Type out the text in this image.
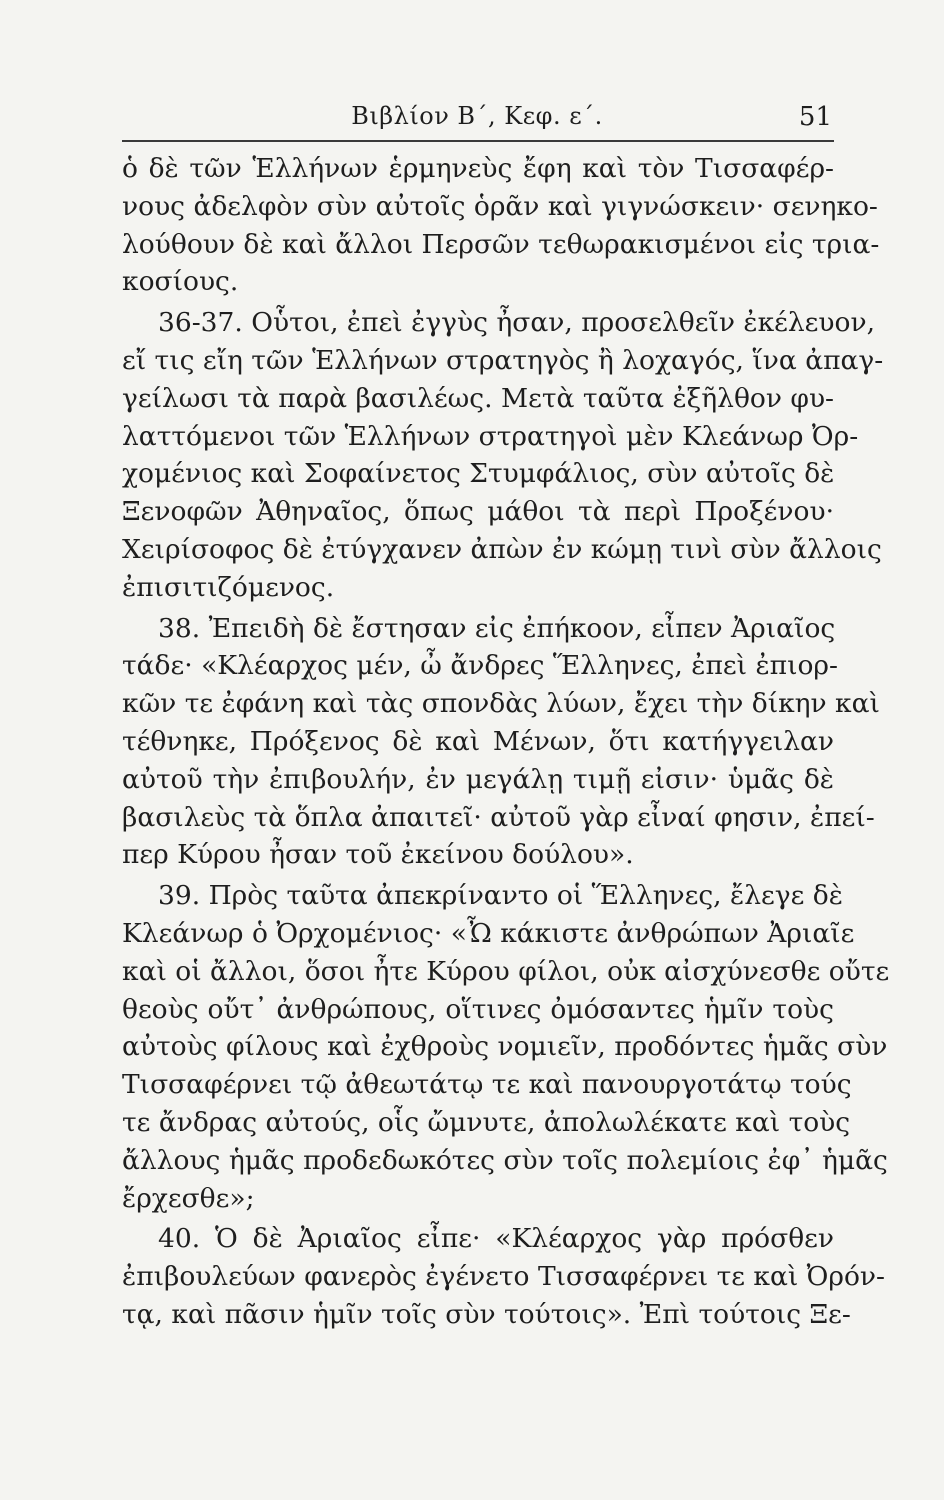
Βιβλίον Β΄, Κεφ. ε΄.	51
ὁ δὲ τῶν Ἑλλήνων ἑρμηνεὺς ἔφη καὶ τὸν Τισσαφέρ-
νους ἀδελφὸν σὺν αὐτοῖς ὁρᾶν καὶ γιγνώσκειν· σενηκο-
λούθουν δὲ καὶ ἄλλοι Περσῶν τεθωρακισμένοι εἰς τρια-
κοσίους.
36-37. Οὗτοι, ἐπεὶ ἐγγὺς ἦσαν, προσελθεῖν ἐκέλευον,
εἴ τις εἴη τῶν Ἑλλήνων στρατηγὸς ἢ λοχαγός, ἵνα ἀπαγ-
γείλωσι τὰ παρὰ βασιλέως. Μετὰ ταῦτα ἐξῆλθον φυ-
λαττόμενοι τῶν Ἑλλήνων στρατηγοὶ μὲν Κλεάνωρ Ὀρ-
χομένιος καὶ Σοφαίνετος Στυμφάλιος, σὺν αὐτοῖς δὲ
Ξενοφῶν Ἀθηναῖος, ὅπως μάθοι τὰ περὶ Προξένου·
Χειρίσοφος δὲ ἐτύγχανεν ἀπὼν ἐν κώμῃ τινὶ σὺν ἄλλοις
ἐπισιτιζόμενος.
38. Ἐπειδὴ δὲ ἔστησαν εἰς ἐπήκοον, εἶπεν Ἀριαῖος
τάδε· «Κλέαρχος μέν, ὦ ἄνδρες Ἕλληνες, ἐπεὶ ἐπιορ-
κῶν τε ἐφάνη καὶ τὰς σπονδὰς λύων, ἔχει τὴν δίκην καὶ
τέθνηκε, Πρόξενος δὲ καὶ Μένων, ὅτι κατήγγειλαν
αὐτοῦ τὴν ἐπιβουλήν, ἐν μεγάλῃ τιμῇ εἰσιν· ὑμᾶς δὲ
βασιλεὺς τὰ ὅπλα ἀπαιτεῖ· αὐτοῦ γὰρ εἶναί φησιν, ἐπεί-
περ Κύρου ἦσαν τοῦ ἐκείνου δούλου».
39. Πρὸς ταῦτα ἀπεκρίναντο οἱ Ἕλληνες, ἔλεγε δὲ
Κλεάνωρ ὁ Ὀρχομένιος· «Ὦ κάκιστε ἀνθρώπων Ἀριαῖε
καὶ οἱ ἄλλοι, ὅσοι ἦτε Κύρου φίλοι, οὐκ αἰσχύνεσθε οὔτε
θεοὺς οὔτ᾽ ἀνθρώπους, οἵτινες ὀμόσαντες ἡμῖν τοὺς
αὐτοὺς φίλους καὶ ἐχθροὺς νομιεῖν, προδόντες ἡμᾶς σὺν
Τισσαφέρνει τῷ ἀθεωτάτῳ τε καὶ πανουργοτάτῳ τούς
τε ἄνδρας αὐτούς, οἷς ὤμνυτε, ἀπολωλέκατε καὶ τοὺς
ἄλλους ἡμᾶς προδεδωκότες σὺν τοῖς πολεμίοις ἐφ᾽ ἡμᾶς
ἔρχεσθε»;
40. Ὁ δὲ Ἀριαῖος εἶπε· «Κλέαρχος γὰρ πρόσθεν
ἐπιβουλεύων φανερὸς ἐγένετο Τισσαφέρνει τε καὶ Ὀρόν-
τᾳ, καὶ πᾶσιν ἡμῖν τοῖς σὺν τούτοις». Ἐπὶ τούτοις Ξε-
